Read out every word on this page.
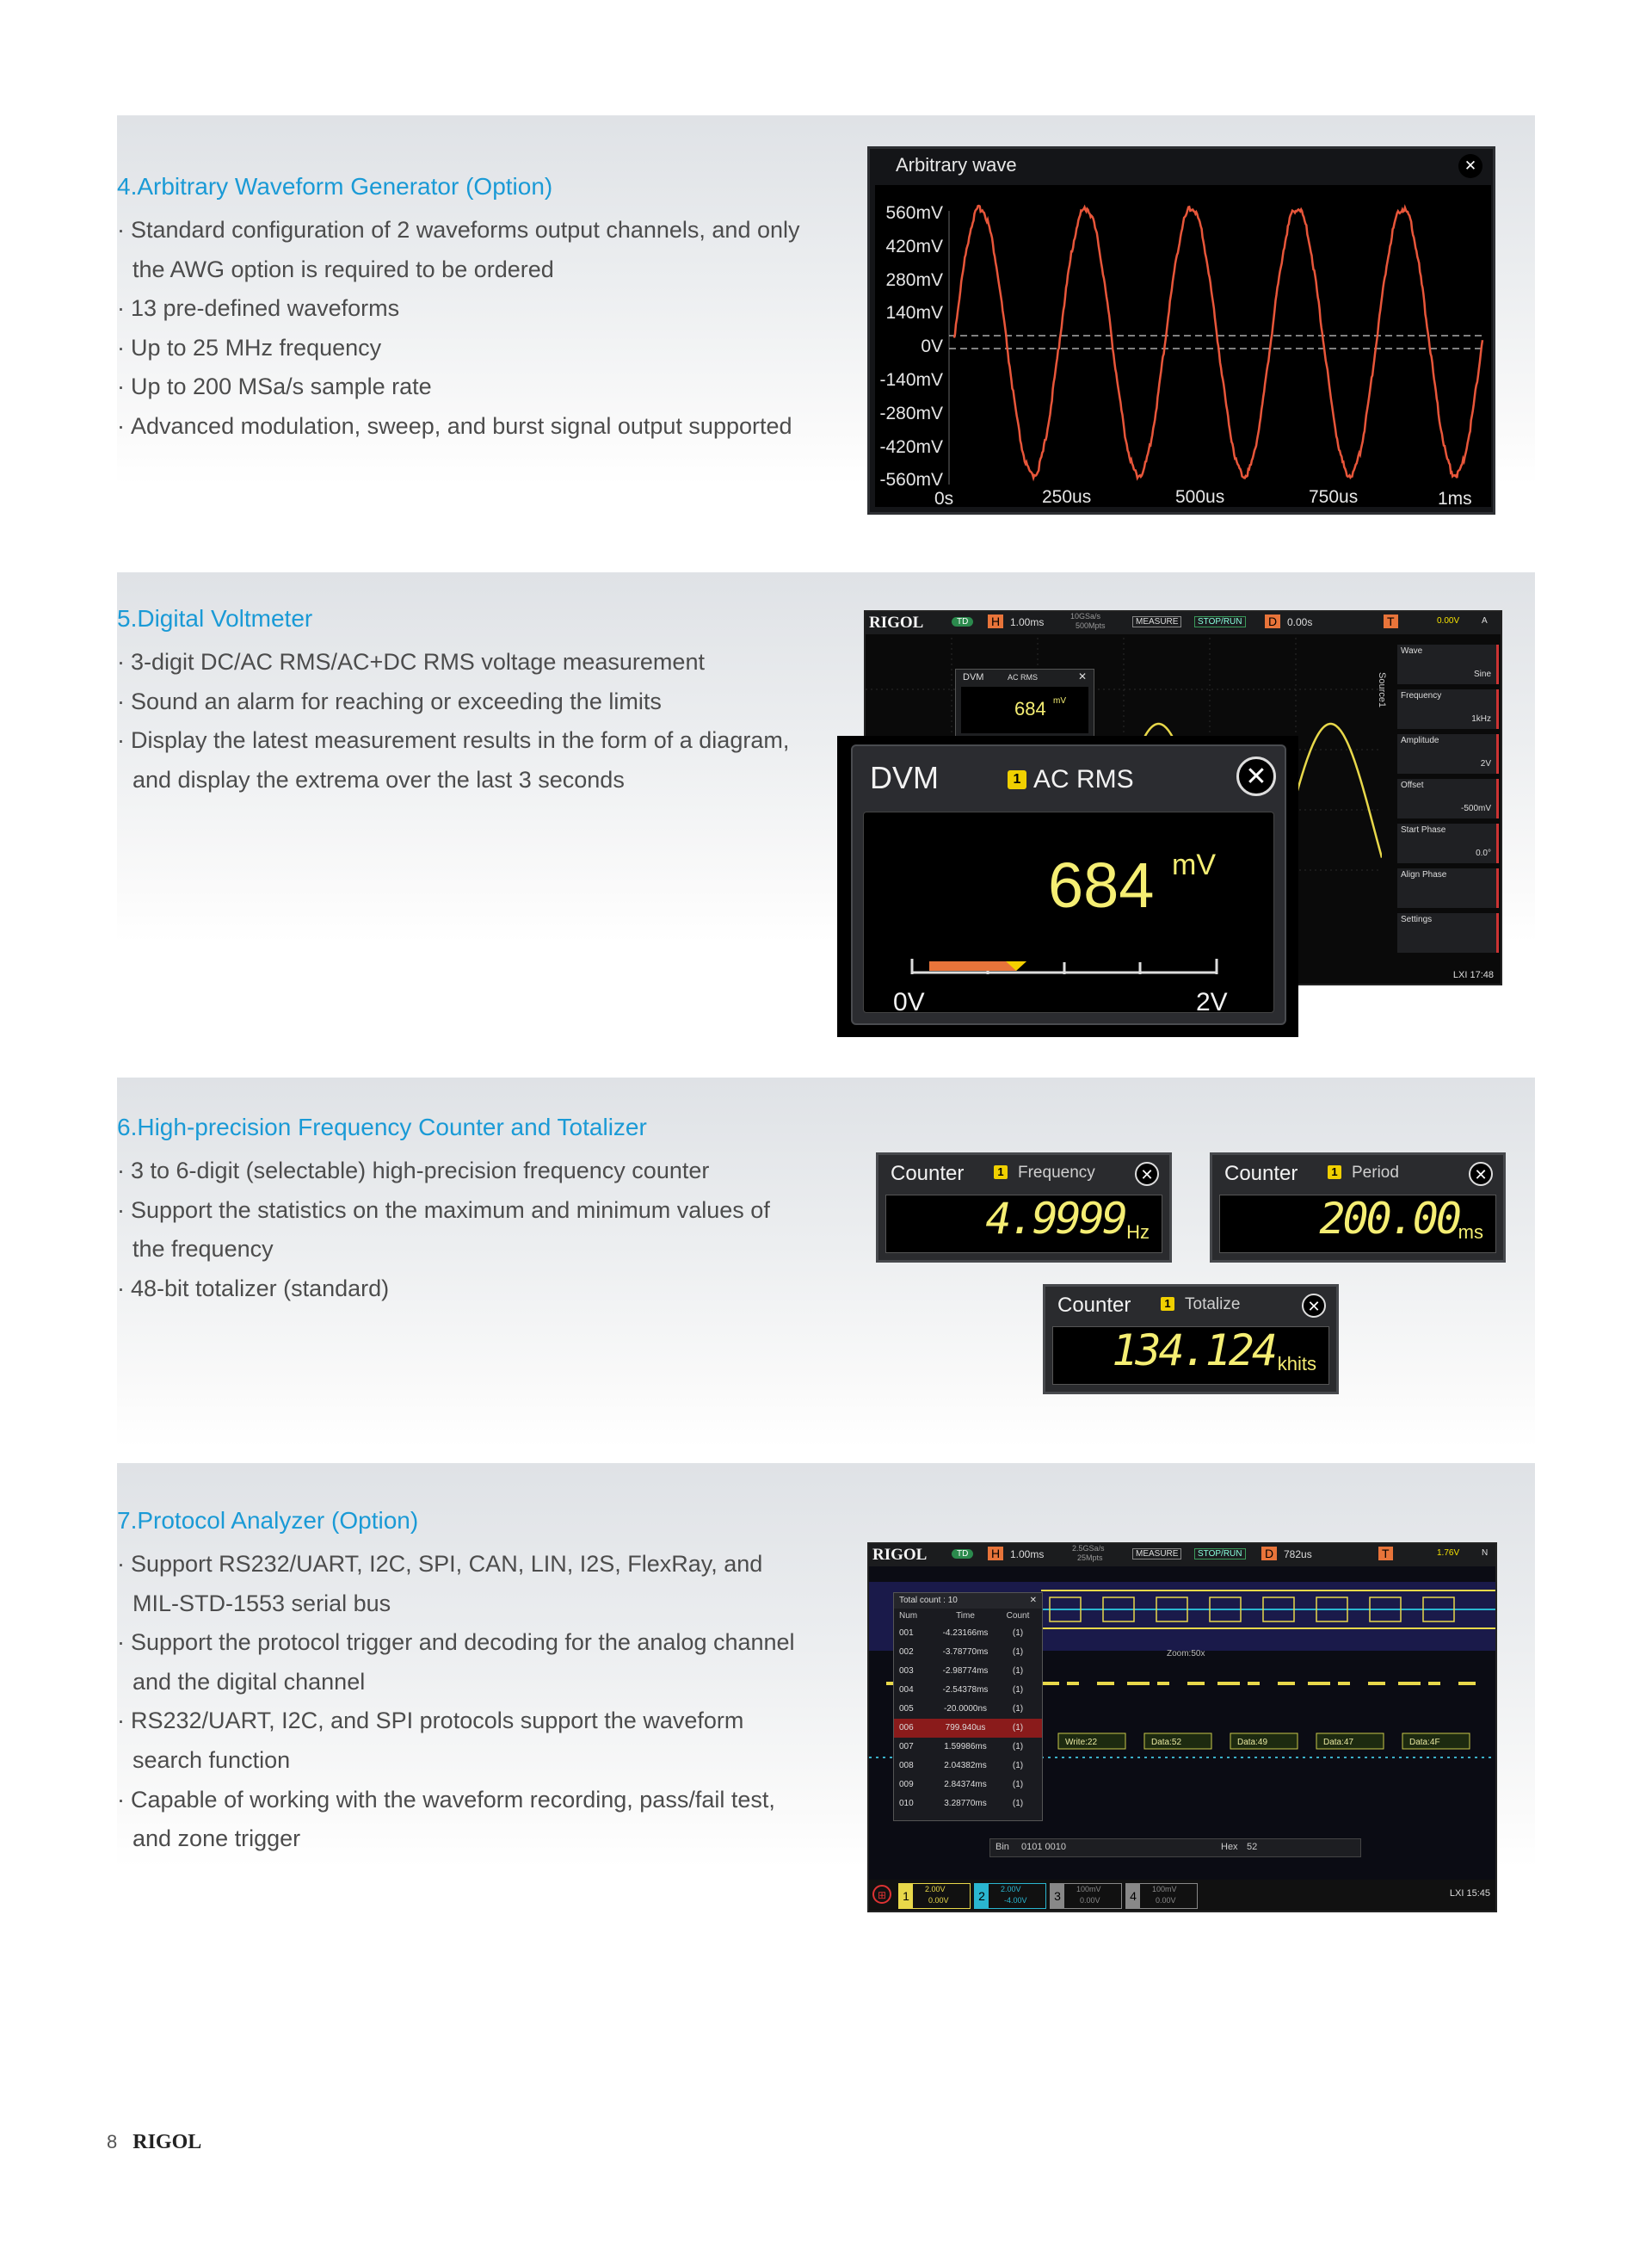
4.Arbitrary Waveform Generator (Option)
· Standard configuration of 2 waveforms output channels, and only
the AWG option is required to be ordered
· 13 pre-defined waveforms
· Up to 25 MHz frequency
· Up to 200 MSa/s sample rate
· Advanced modulation, sweep, and burst signal output supported
Arbitrary wave	✕
560mV
420mV
280mV
140mV
0V
-140mV
-280mV
-420mV
-560mV
0s	250us	500us	750us	1ms
5.Digital Voltmeter
· 3-digit DC/AC RMS/AC+DC RMS voltage measurement
· Sound an alarm for reaching or exceeding the limits
· Display the latest measurement results in the form of a diagram,
and display the extrema over the last 3 seconds
RIGOL	TD	H 1.00ms	10GSa/s
500Mpts	MEASURE	STOP/RUN D 0.00s	T	0.00V	A
DVM	AC RMS	✕
684 mV	Source1
Wave
Sine
Frequency
1kHz
Amplitude
2V
Offset
-500mV
Start Phase
0.0°
Align Phase
Settings
LXI 17:48
DVM	1 AC RMS	✕
684 mV
0V	2V
6.High-precision Frequency Counter and Totalizer
· 3 to 6-digit (selectable) high-precision frequency counter
· Support the statistics on the maximum and minimum values of
the frequency
· 48-bit totalizer (standard)
Counter	1 Frequency	✕
4.9999 Hz
Counter	1 Period	✕
200.00
ms
Counter	1 Totalize	✕
134.124 khits
7.Protocol Analyzer (Option)
· Support RS232/UART, I2C, SPI, CAN, LIN, I2S, FlexRay, and
MIL-STD-1553 serial bus
· Support the protocol trigger and decoding for the analog channel
and the digital channel
· RS232/UART, I2C, and SPI protocols support the waveform
search function
· Capable of working with the waveform recording, pass/fail test,
and zone trigger
RIGOL	TD	H 1.00ms	2.5GSa/s
25Mpts	MEASURE	STOP/RUN D 782us	T	1.76V	N
Zoom:50x
Write:22	Data:52	Data:49	Data:47	Data:4F
Total count : 10	✕
Num	Time	Count
001	-4.23166ms	(1)
002	-3.78770ms	(1)
003	-2.98774ms	(1)
004	-2.54378ms	(1)
005	-20.0000ns	(1)
006	799.940us	(1)
007	1.59986ms	(1)
008	2.04382ms	(1)
009	2.84374ms	(1)
010	3.28770ms	(1)
Bin 0101 0010	Hex 52
⊞	1	2.00V
0.00V 2	2.00V
-4.00V 3	100mV
0.00V 4	100mV
0.00V
LXI 15:45
8 RIGOL
